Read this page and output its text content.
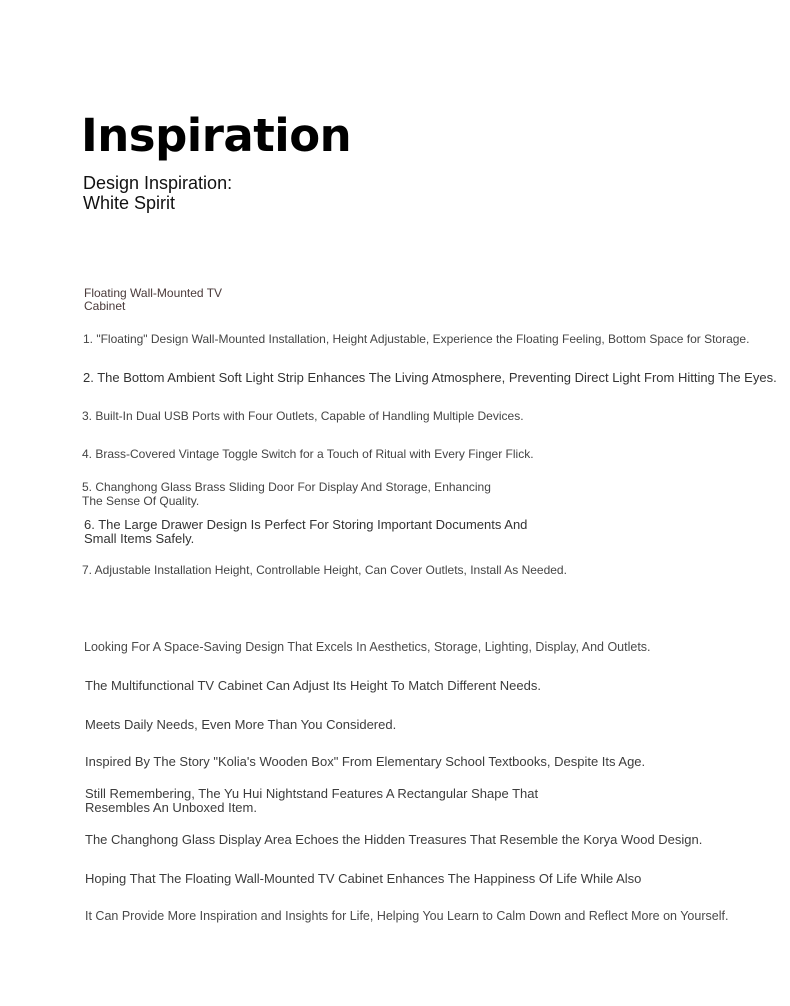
Inspiration
Design Inspiration:
White Spirit
Floating Wall-Mounted TV
Cabinet
1. "Floating" Design Wall-Mounted Installation, Height Adjustable, Experience the Floating Feeling, Bottom Space for Storage.
2. The Bottom Ambient Soft Light Strip Enhances The Living Atmosphere, Preventing Direct Light From Hitting The Eyes.
3. Built-In Dual USB Ports with Four Outlets, Capable of Handling Multiple Devices.
4. Brass-Covered Vintage Toggle Switch for a Touch of Ritual with Every Finger Flick.
5. Changhong Glass Brass Sliding Door For Display And Storage, Enhancing
The Sense Of Quality.
6. The Large Drawer Design Is Perfect For Storing Important Documents And
Small Items Safely.
7. Adjustable Installation Height, Controllable Height, Can Cover Outlets, Install As Needed.
Looking For A Space-Saving Design That Excels In Aesthetics, Storage, Lighting, Display, And Outlets.
The Multifunctional TV Cabinet Can Adjust Its Height To Match Different Needs.
Meets Daily Needs, Even More Than You Considered.
Inspired By The Story "Kolia's Wooden Box" From Elementary School Textbooks, Despite Its Age.
Still Remembering, The Yu Hui Nightstand Features A Rectangular Shape That
Resembles An Unboxed Item.
The Changhong Glass Display Area Echoes the Hidden Treasures That Resemble the Korya Wood Design.
Hoping That The Floating Wall-Mounted TV Cabinet Enhances The Happiness Of Life While Also
It Can Provide More Inspiration and Insights for Life, Helping You Learn to Calm Down and Reflect More on Yourself.
